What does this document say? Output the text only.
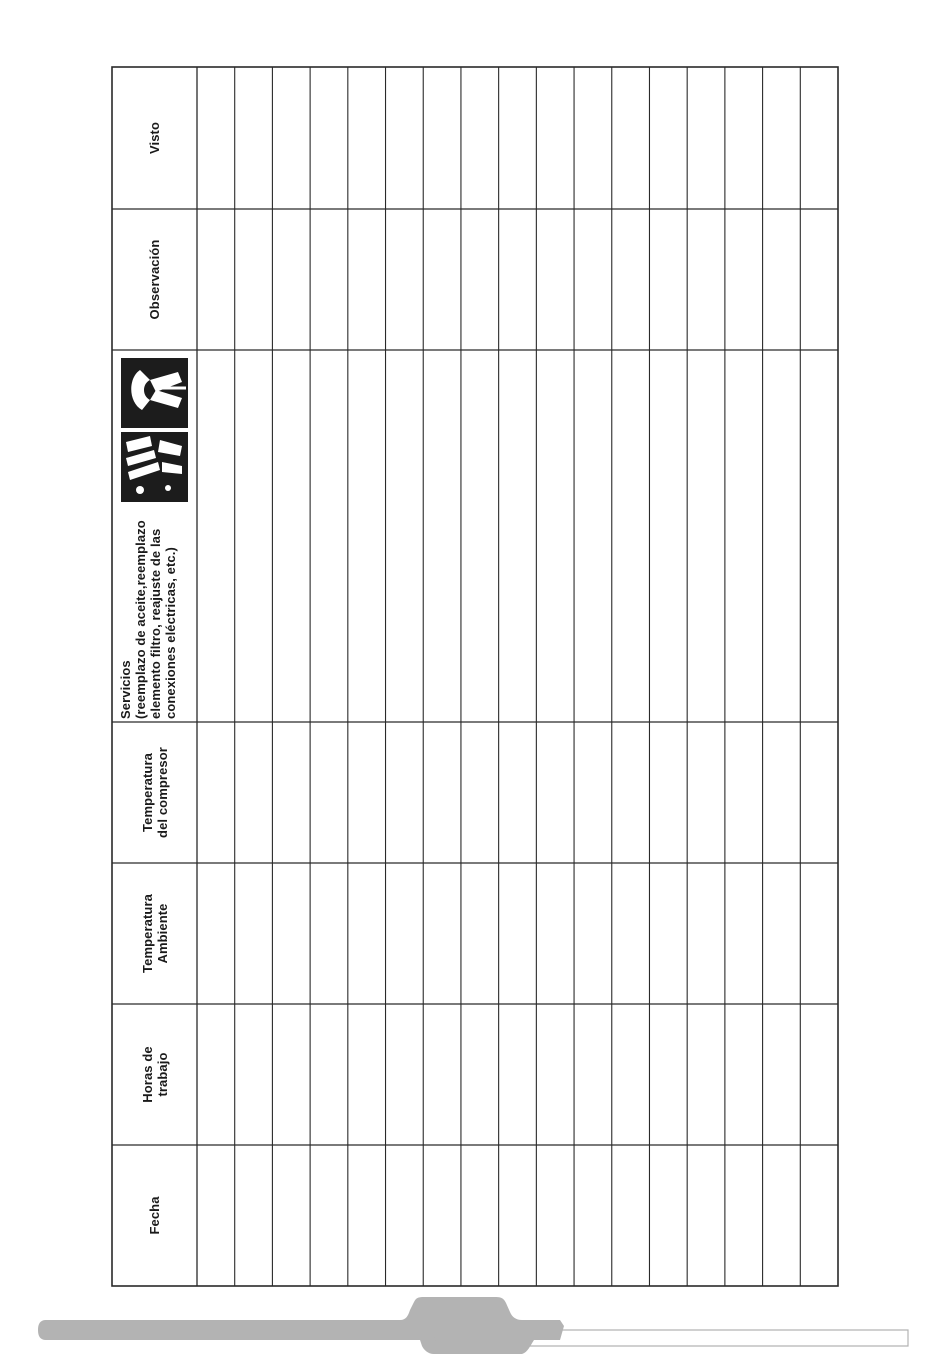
Fecha
Horas de
trabajo
Temperatura
Ambiente
Temperatura
del compresor
Servicios
(reemplazo de aceite,reemplazo
elemento filtro, reajuste de las
conexiones eléctricas, etc.)
Observación
Visto
